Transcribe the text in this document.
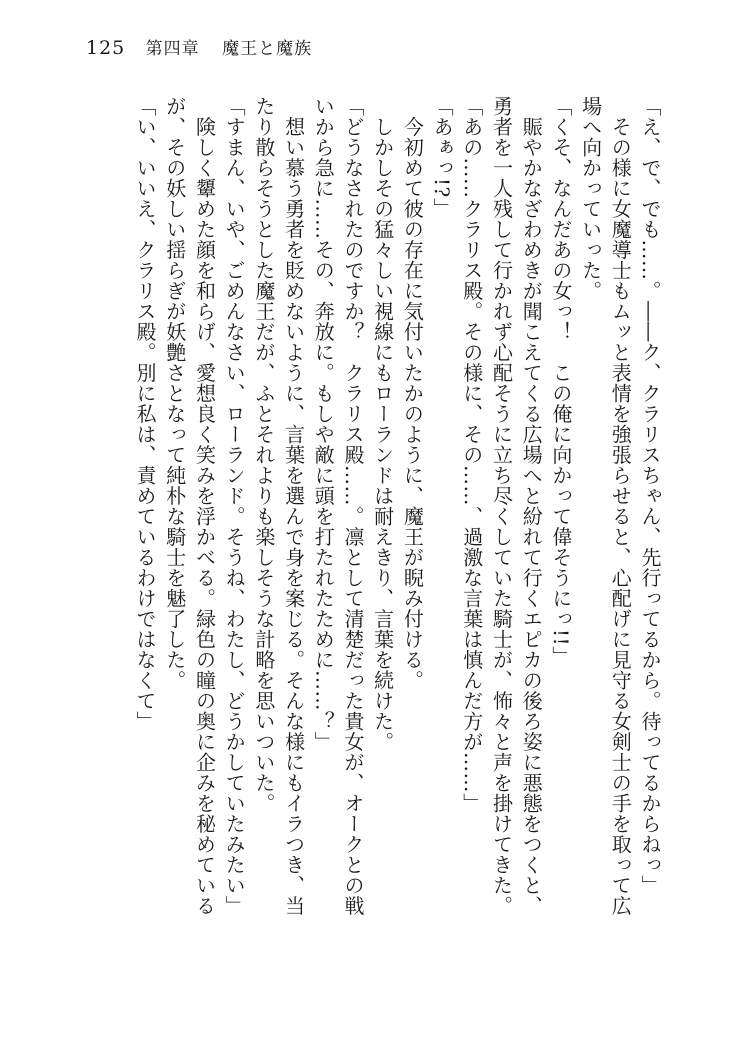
125 第四章 魔王と魔族
「え、で、でも……。――ク、クラリスちゃん、先行ってるから。待ってるからねっ」
　その様に女魔導士もムッと表情を強張らせると、心配げに見守る女剣士の手を取って広
場へ向かっていった。
「くそ、なんだあの女っ！　この俺に向かって偉そうにっ!!」
　賑やかなざわめきが聞こえてくる広場へと紛れて行くエピカの後ろ姿に悪態をつくと、
勇者を一人残して行かれず心配そうに立ち尽くしていた騎士が、怖々と声を掛けてきた。
「あの……クラリス殿。その様に、その……、過激な言葉は慎んだ方が……」
「あぁっ!?」
　今初めて彼の存在に気付いたかのように、魔王が睨み付ける。
　しかしその猛々しい視線にもローランドは耐えきり、言葉を続けた。
「どうなされたのですか？　クラリス殿……。凛として清楚だった貴女が、オークとの戦
いから急に……その、奔放に。もしや敵に頭を打たれたために……？」
　想い慕う勇者を貶めないように、言葉を選んで身を案じる。そんな様にもイラつき、当
たり散らそうとした魔王だが、ふとそれよりも楽しそうな計略を思いついた。
「すまん、いや、ごめんなさい、ローランド。そうね、わたし、どうかしていたみたい」
　険しく顰めた顔を和らげ、愛想良く笑みを浮かべる。緑色の瞳の奥に企みを秘めている
が、その妖しい揺らぎが妖艶さとなって純朴な騎士を魅了した。
「い、いいえ、クラリス殿。別に私は、責めているわけではなくて」
